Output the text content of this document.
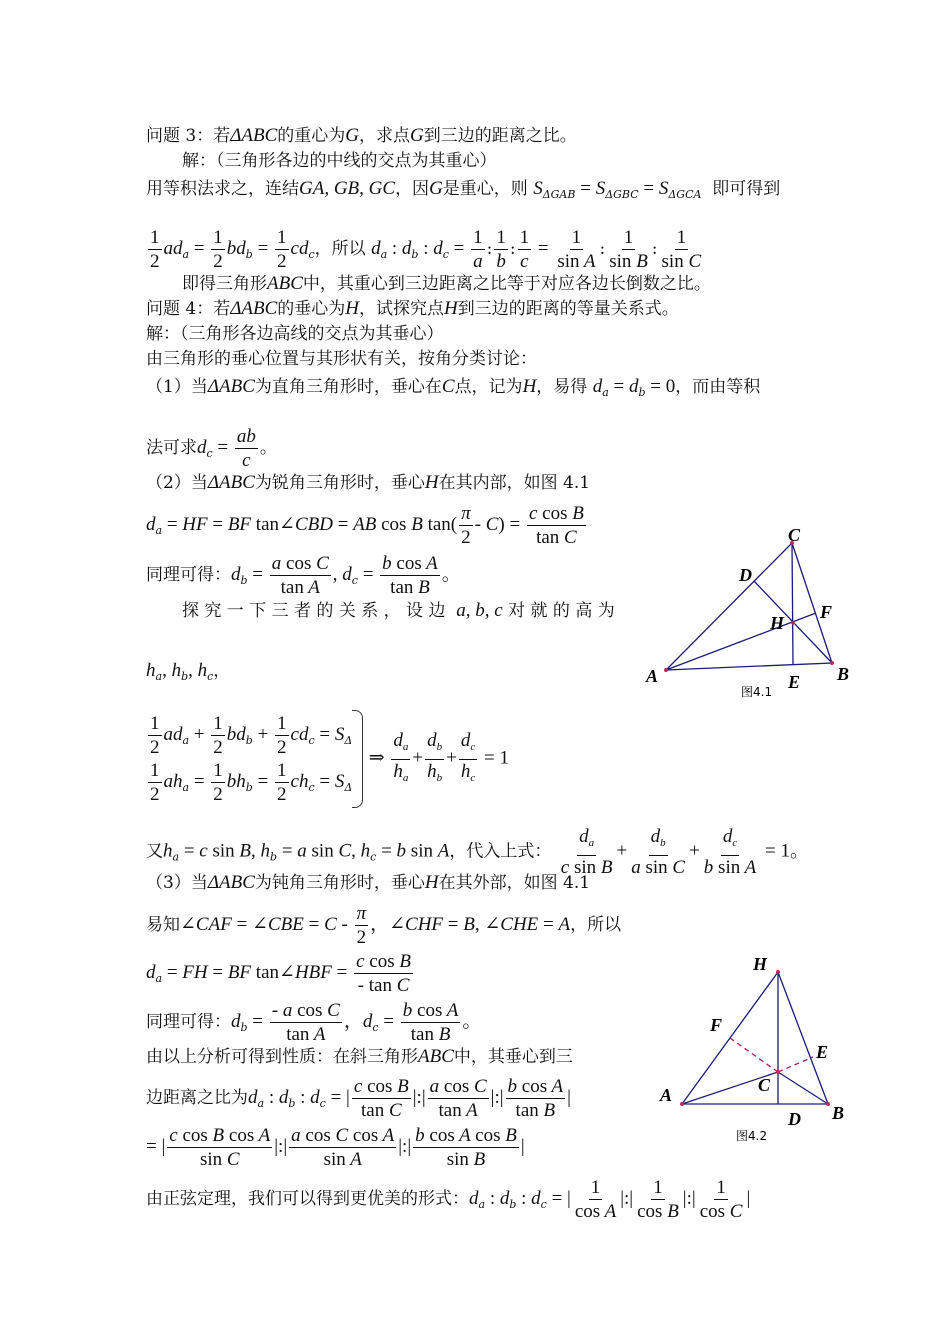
问题 3：若ΔABC的重心为G，求点G到三边的距离之比。
解：（三角形各边的中线的交点为其重心）
用等积法求之，连结GA, GB, GC，因G是重心，则 $S_{\Delta GAB} = S_{\Delta GBC} = S_{\Delta GCA}$ 即可得到
$\frac{1}{2} ad_a = \frac{1}{2} bd_b = \frac{1}{2} cd_c$，所以 $d_a$ : $d_b$ : $d_c = \frac{1}{a}$ : $\frac{1}{b}$ : $\frac{1}{c} = \frac{1}{\text{sin A}}$ : $\frac{1}{\text{sin B}}$ : $\frac{1}{\text{sin C}}$
即得三角形ABC中，其重心到三边距离之比等于对应各边长倒数之比。
问题 4：若ΔABC的垂心为H，试探究点H到三边的距离的等量关系式。
解：（三角形各边高线的交点为其垂心）
由三角形的垂心位置与其形状有关，按角分类讨论：
（1）当ΔABC为直角三角形时，垂心在C点，记为H，易得 $d_a = d_b = 0$，而由等积
法可求$d_c = \frac{ab}{c}$ 。
（2）当ΔABC为锐角三角形时，垂心H在其内部，如图 4.1
$d_a$ = HF = BF tan∠CBD = AB cos B $\tan( \frac{\pi}{2} - C) = \frac{\text{c cos B}}{\text{tan C}}$
同理可得：$d_b = \frac{\text{a cos C}}{\text{tan A}}$ , $d_c = \frac{\text{b cos A}}{\text{tan B}}$ 。
探 究 一 下 三 者 的 关 系 ， 设 边 a, b, c 对 就 的 高 为
$h_a$, $h_b$, $h_c$，
$\frac{1}{2} ad_a + \frac{1}{2} bd_b + \frac{1}{2} cd_c = S_\Delta$
$\frac{1}{2} ah_a = \frac{1}{2} bh_b = \frac{1}{2} ch_c = S_\Delta$
⇒ $\frac{d_a}{h_a} + \frac{d_b}{h_b} + \frac{d_c}{h_c} = 1$
又$h_a = c$ sin B, $h_b = a$ sin C, $h_c = b$ sin A，代入上式： $\frac{d_a}{\text{c sin B}} + \frac{d_b}{\text{a sin C}} + \frac{d_c}{\text{b sin A}} = 1$。
（3）当ΔABC为钝角三角形时，垂心H在其外部，如图 4.1
易知∠CAF = ∠CBE = C - $\frac{\pi}{2}$ ，∠CHF = B, ∠CHE = A，所以
$d_a$ = FH = BF tan∠HBF = $\frac{\text{c cos B}}{\text{- tan C}}$
同理可得：$d_b = \frac{\text{- a cos C}}{\text{tan A}}$ ，$d_c = \frac{\text{b cos A}}{\text{tan B}}$ 。
由以上分析可得到性质：在斜三角形ABC中，其垂心到三
边距离之比为$d_a$ : $d_b$ : $d_c$ = | $\frac{\text{c cos B}}{\text{tan C}}$ |:| $\frac{\text{a cos C}}{\text{tan A}}$ |:| $\frac{\text{b cos A}}{\text{tan B}}$ |
= | $\frac{\text{c cos B cos A}}{\text{sin C}}$ |:| $\frac{\text{a cos C cos A}}{\text{sin A}}$ |:| $\frac{\text{b cos A cos B}}{\text{sin B}}$ |
由正弦定理，我们可以得到更优美的形式：$d_a$ : $d_b$ : $d_c$ = | $\frac{1}{\text{cos A}}$ |:| $\frac{1}{\text{cos B}}$ |:| $\frac{1}{\text{cos C}}$ |
A	B
C
D
E
F
H
图4.1
A
B
C
D
E
F
H
图4.2
